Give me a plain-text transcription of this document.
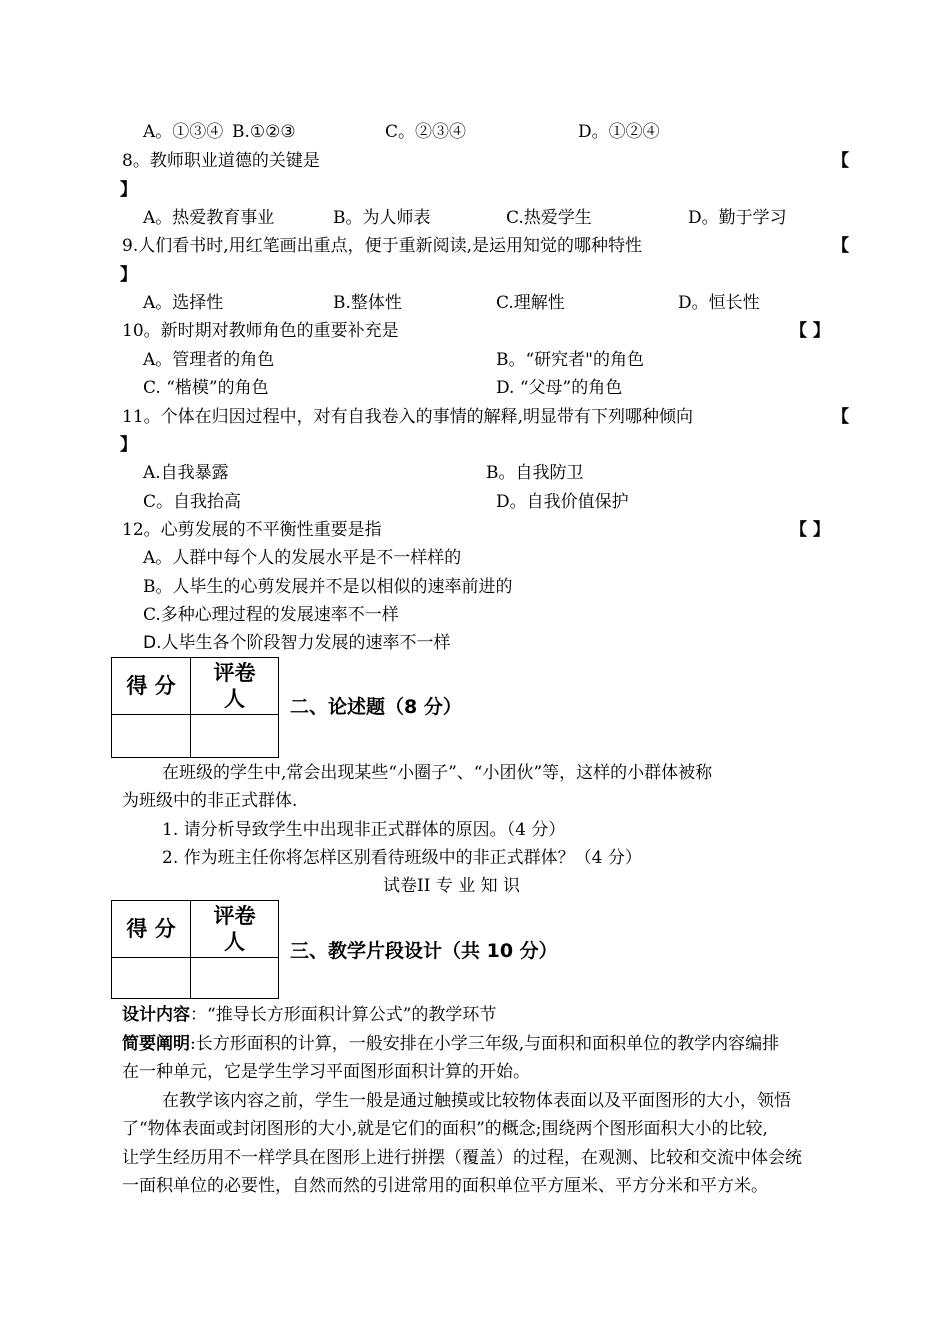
A。①③④ B.①②③	C。②③④	D。①②④
8。教师职业道德的关键是	【
】
A。热爱教育事业	B。为人师表	C.热爱学生	D。勤于学习
9.人们看书时,用红笔画出重点，便于重新阅读,是运用知觉的哪种特性	【
】
A。选择性	B.整体性	C.理解性	D。恒长性
10。新时期对教师角色的重要补充是	【 】
A。管理者的角色	B。“研究者"的角色
C. “楷模”的角色	D. “父母”的角色
11。个体在归因过程中，对有自我卷入的事情的解释,明显带有下列哪种倾向	【
】
A.自我暴露	B。自我防卫
C。自我抬高	D。自我价值保护
12。心剪发展的不平衡性重要是指	【 】
A。人群中每个人的发展水平是不一样样的
B。人毕生的心剪发展并不是以相似的速率前进的
C.多种心理过程的发展速率不一样
D.人毕生各个阶段智力发展的速率不一样
得 分	评卷
人
	二、论述题（8 分）
在班级的学生中,常会出现某些“小圈子”、“小团伙”等，这样的小群体被称
为班级中的非正式群体.
1. 请分析导致学生中出现非正式群体的原因。（4 分）
2. 作为班主任你将怎样区别看待班级中的非正式群体？（4 分）
试卷II 专 业 知 识
得 分	评卷
人
	三、教学片段设计（共 10 分）
设计内容：“推导长方形面积计算公式”的教学环节
简要阐明:长方形面积的计算，一般安排在小学三年级,与面积和面积单位的教学内容编排
在一种单元，它是学生学习平面图形面积计算的开始。
在教学该内容之前，学生一般是通过触摸或比较物体表面以及平面图形的大小，领悟
了“物体表面或封闭图形的大小,就是它们的面积”的概念;围绕两个图形面积大小的比较,
让学生经历用不一样学具在图形上进行拼摆（覆盖）的过程，在观测、比较和交流中体会统
一面积单位的必要性，自然而然的引进常用的面积单位平方厘米、平方分米和平方米。
